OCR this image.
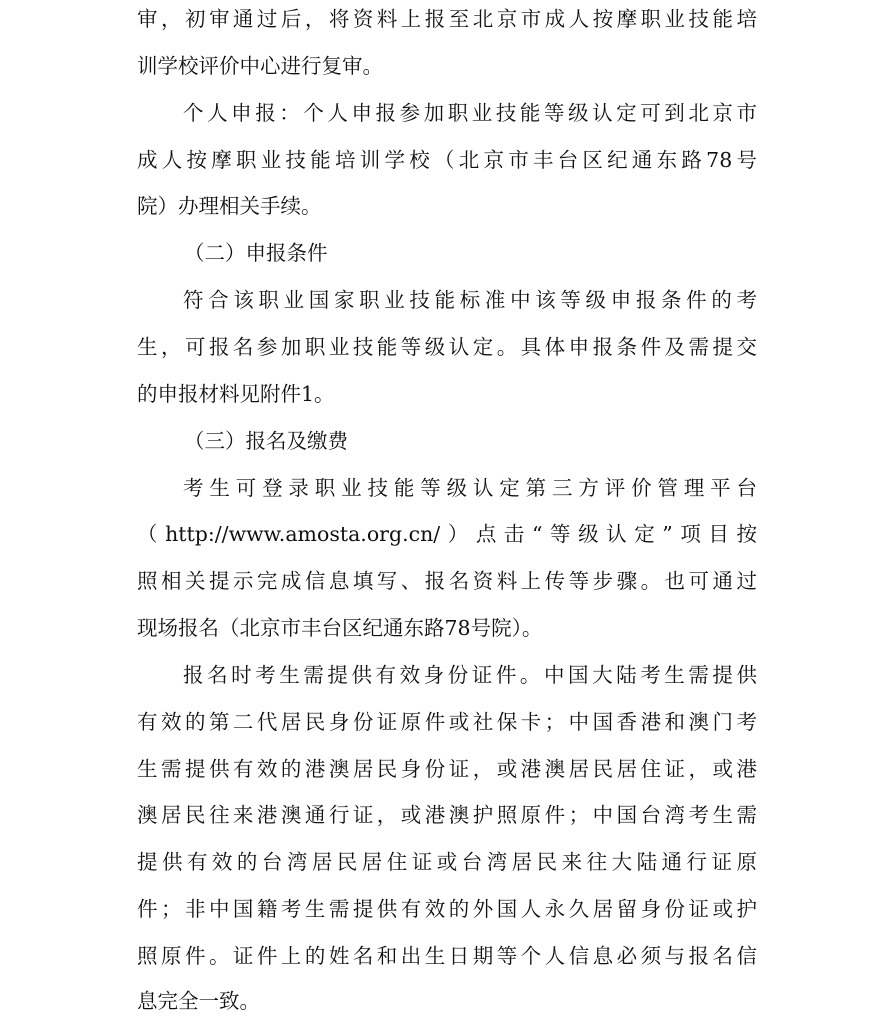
审，初审通过后，将资料上报至北京市成人按摩职业技能培
训学校评价中心进行复审。
个人申报：个人申报参加职业技能等级认定可到北京市
成人按摩职业技能培训学校（北京市丰台区纪通东路78号
院）办理相关手续。
（二）申报条件
符合该职业国家职业技能标准中该等级申报条件的考
生，可报名参加职业技能等级认定。具体申报条件及需提交
的申报材料见附件1。
（三）报名及缴费
考生可登录职业技能等级认定第三方评价管理平台
（http://www.amosta.org.cn/）点击“等级认定”项目按
照相关提示完成信息填写、报名资料上传等步骤。也可通过
现场报名（北京市丰台区纪通东路78号院）。
报名时考生需提供有效身份证件。中国大陆考生需提供
有效的第二代居民身份证原件或社保卡；中国香港和澳门考
生需提供有效的港澳居民身份证，或港澳居民居住证，或港
澳居民往来港澳通行证，或港澳护照原件；中国台湾考生需
提供有效的台湾居民居住证或台湾居民来往大陆通行证原
件；非中国籍考生需提供有效的外国人永久居留身份证或护
照原件。证件上的姓名和出生日期等个人信息必须与报名信
息完全一致。
